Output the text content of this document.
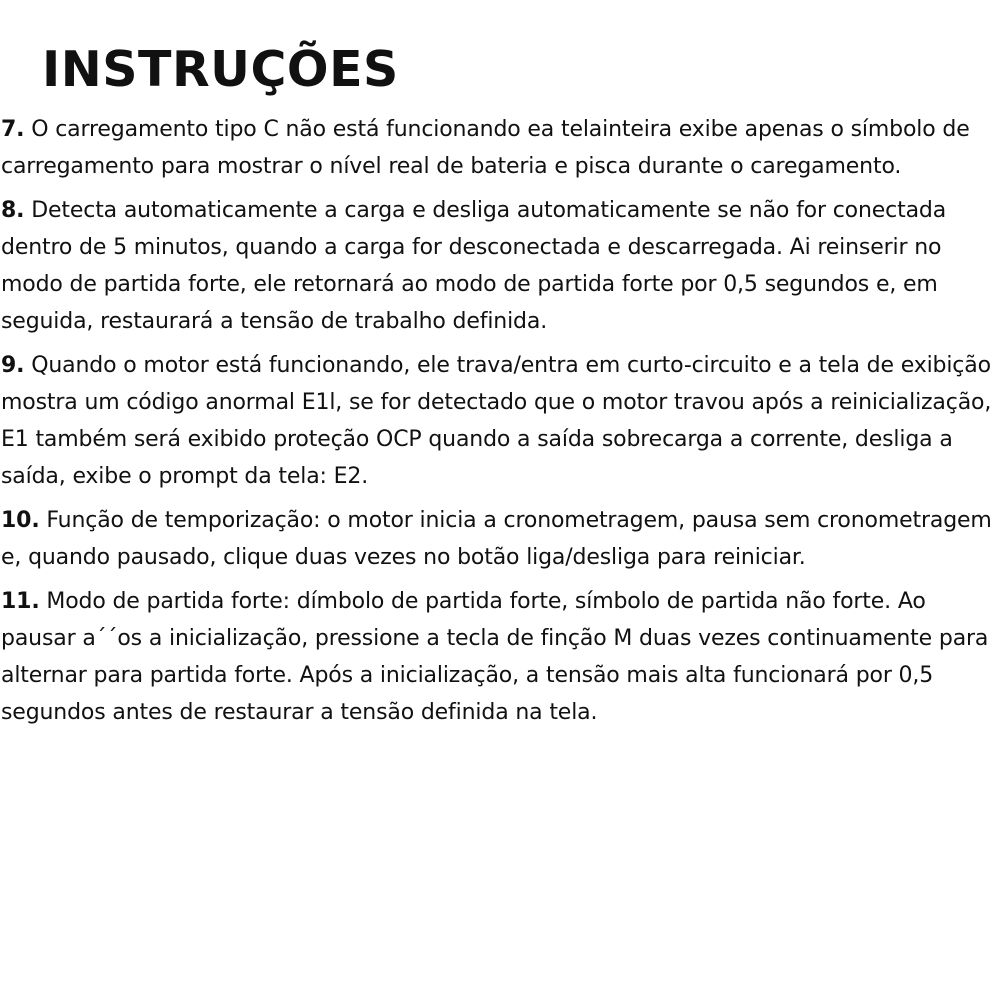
INSTRUÇÕES

7. O carregamento tipo C não está funcionando ea telainteira exibe apenas o símbolo de carregamento para mostrar o nível real de bateria e pisca durante o caregamento.

8. Detecta automaticamente a carga e desliga automaticamente se não for conectada dentro de 5 minutos, quando a carga for desconectada e descarregada. Ai reinserir no modo de partida forte, ele retornará ao modo de partida forte por 0,5 segundos e, em seguida, restaurará a tensão de trabalho definida.

9. Quando o motor está funcionando, ele trava/entra em curto-circuito e a tela de exibição mostra um código anormal E1l, se for detectado que o motor travou após a reinicialização, E1 também será exibido proteção OCP quando a saída sobrecarga a corrente, desliga a saída, exibe o prompt da tela: E2.

10. Função de temporização: o motor inicia a cronometragem, pausa sem cronometragem e, quando pausado, clique duas vezes no botão liga/desliga para reiniciar.

11. Modo de partida forte: dímbolo de partida forte, símbolo de partida não forte. Ao pausar a´´os a inicialização, pressione a tecla de finção M duas vezes continuamente para alternar para partida forte. Após a inicialização, a tensão mais alta funcionará por 0,5 segundos antes de restaurar a tensão definida na tela.
